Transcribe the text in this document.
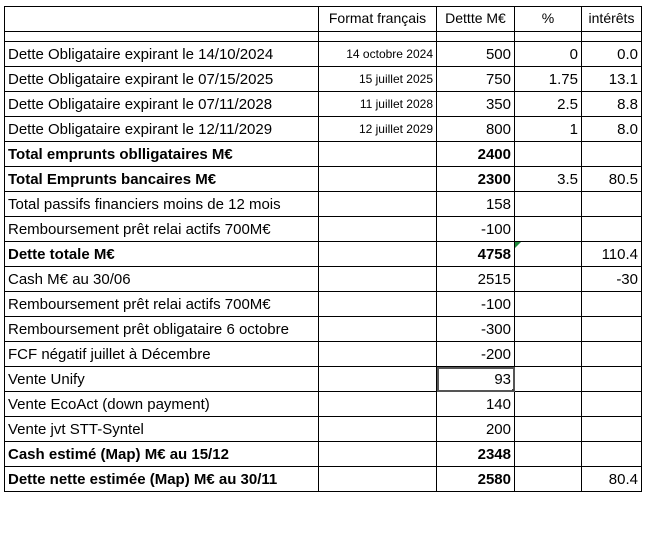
	Format français	Dettte M€	%	intérêts

Dette Obligataire expirant le 14/10/2024	14 octobre 2024	500	0	0.0
Dette Obligataire expirant le 07/15/2025	15 juillet 2025	750	1.75	13.1
Dette Obligataire expirant le 07/11/2028	11 juillet 2028	350	2.5	8.8
Dette Obligataire expirant le 12/11/2029	12 juillet 2029	800	1	8.0
Total emprunts oblligataires M€		2400		
Total Emprunts bancaires M€		2300	3.5	80.5
Total passifs financiers moins de 12 mois		158		
Remboursement prêt relai actifs 700M€		-100		
Dette totale M€		4758		110.4
Cash M€ au 30/06		2515		-30
Remboursement prêt relai actifs 700M€		-100		
Remboursement prêt obligataire 6 octobre		-300		
FCF négatif juillet à Décembre		-200		
Vente Unify		93

Vente EcoAct (down payment)		140		
Vente jvt STT-Syntel		200		
Cash estimé (Map) M€ au 15/12		2348		
Dette nette estimée (Map) M€ au 30/11		2580		80.4
